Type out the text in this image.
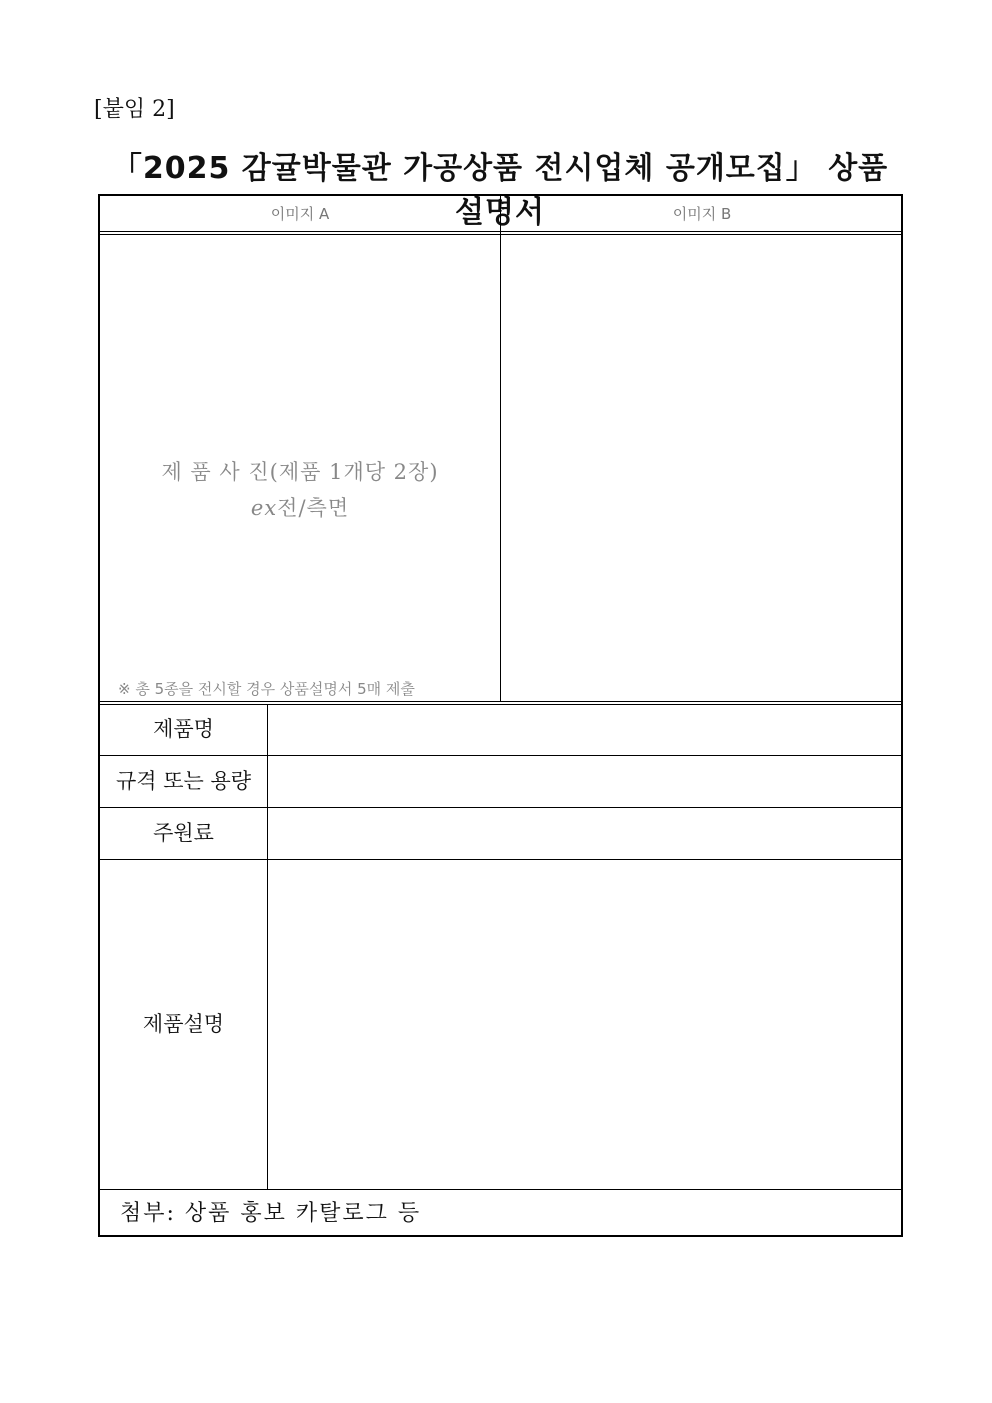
[붙임 2]
「2025 감귤박물관 가공상품 전시업체 공개모집」 상품설명서
이미지 A	이미지 B
제 품 사 진(제품 1개당 2장)
ex전/측면
※ 총 5종을 전시할 경우 상품설명서 5매 제출
제품명
규격 또는 용량
주원료
제품설명
첨부: 상품 홍보 카탈로그 등
